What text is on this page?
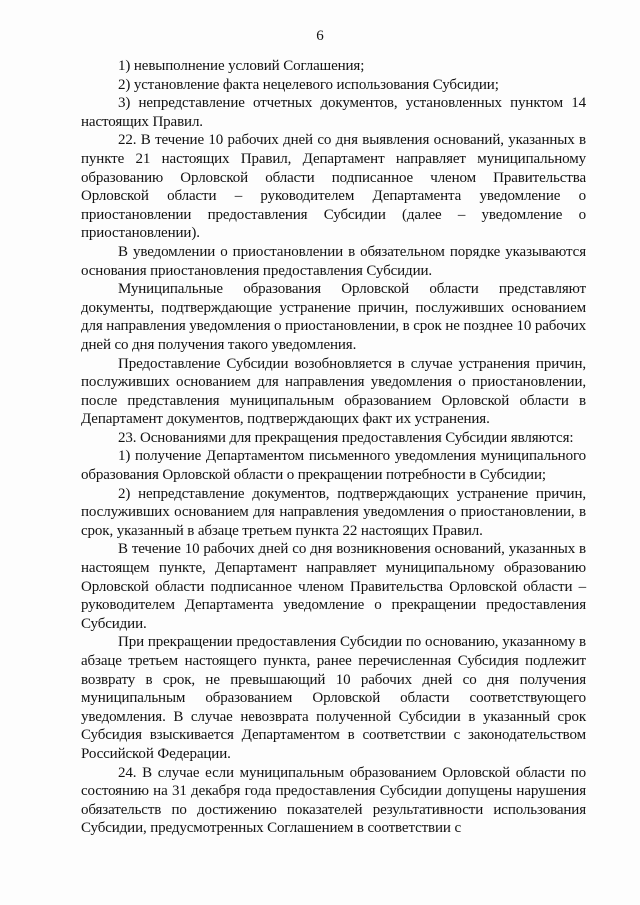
6

1) невыполнение условий Соглашения;

2) установление факта нецелевого использования Субсидии;

3) непредставление отчетных документов, установленных пунктом 14 настоящих Правил.

22. В течение 10 рабочих дней со дня выявления оснований, указанных в пункте 21 настоящих Правил, Департамент направляет муниципальному образованию Орловской области подписанное членом Правительства Орловской области – руководителем Департамента уведомление о приостановлении предоставления Субсидии (далее – уведомление о приостановлении).

В уведомлении о приостановлении в обязательном порядке указываются основания приостановления предоставления Субсидии.

Муниципальные образования Орловской области представляют документы, подтверждающие устранение причин, послуживших основанием для направления уведомления о приостановлении, в срок не позднее 10 рабочих дней со дня получения такого уведомления.

Предоставление Субсидии возобновляется в случае устранения причин, послуживших основанием для направления уведомления о приостановлении, после представления муниципальным образованием Орловской области в Департамент документов, подтверждающих факт их устранения.

23. Основаниями для прекращения предоставления Субсидии являются:

1) получение Департаментом письменного уведомления муниципального образования Орловской области о прекращении потребности в Субсидии;

2) непредставление документов, подтверждающих устранение причин, послуживших основанием для направления уведомления о приостановлении, в срок, указанный в абзаце третьем пункта 22 настоящих Правил.

В течение 10 рабочих дней со дня возникновения оснований, указанных в настоящем пункте, Департамент направляет муниципальному образованию Орловской области подписанное членом Правительства Орловской области – руководителем Департамента уведомление о прекращении предоставления Субсидии.

При прекращении предоставления Субсидии по основанию, указанному в абзаце третьем настоящего пункта, ранее перечисленная Субсидия подлежит возврату в срок, не превышающий 10 рабочих дней со дня получения муниципальным образованием Орловской области соответствующего уведомления. В случае невозврата полученной Субсидии в указанный срок Субсидия взыскивается Департаментом в соответствии с законодательством Российской Федерации.

24. В случае если муниципальным образованием Орловской области по состоянию на 31 декабря года предоставления Субсидии допущены нарушения обязательств по достижению показателей результативности использования Субсидии, предусмотренных Соглашением в соответствии с
